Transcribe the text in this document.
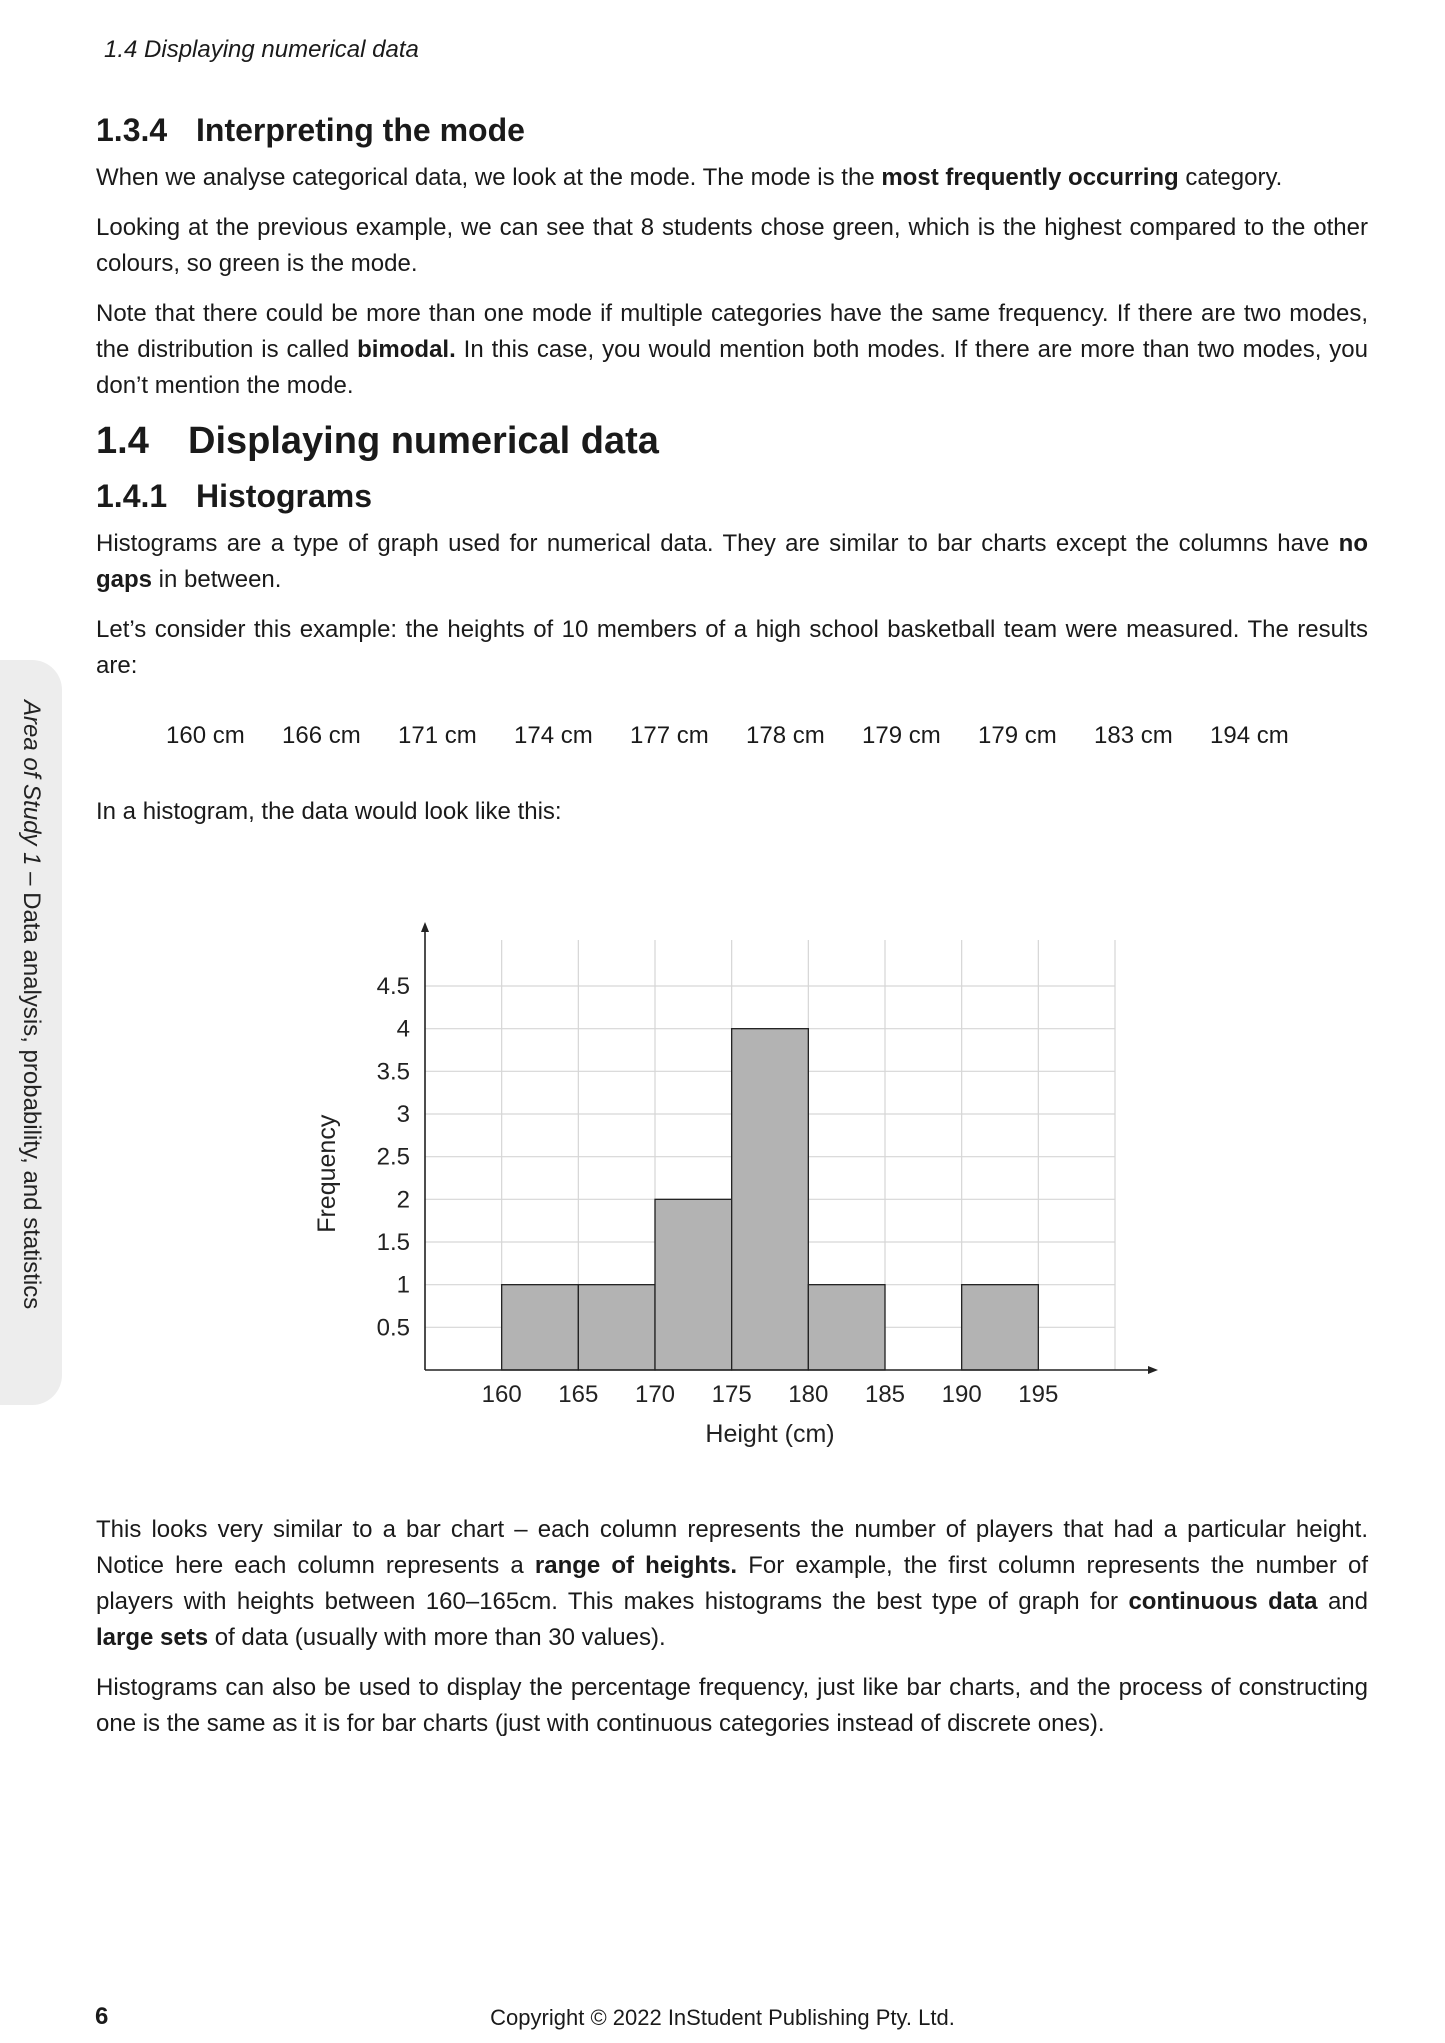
1.4 Displaying numerical data
Area of Study 1 – Data analysis, probability, and statistics
1.3.4 Interpreting the mode

When we analyse categorical data, we look at the mode. The mode is the most frequently occurring category.

Looking at the previous example, we can see that 8 students chose green, which is the highest compared to the other colours, so green is the mode.

Note that there could be more than one mode if multiple categories have the same frequency. If there are two modes, the distribution is called bimodal. In this case, you would mention both modes. If there are more than two modes, you don’t mention the mode.

1.4 Displaying numerical data
1.4.1 Histograms

Histograms are a type of graph used for numerical data. They are similar to bar charts except the columns have no gaps in between.

Let’s consider this example: the heights of 10 members of a high school basketball team were measured. The results are:

160 cm	166 cm	171 cm	174 cm	177 cm	178 cm	179 cm	179 cm	183 cm	194 cm

In a histogram, the data would look like this:

160 165 170 175 180 185 190 195
0.5
1
1.5
2
2.5
3
3.5
4
4.5
Height (cm)
Frequency

This looks very similar to a bar chart – each column represents the number of players that had a particular height. Notice here each column represents a range of heights. For example, the first column represents the number of players with heights between 160–165cm. This makes histograms the best type of graph for continuous data and large sets of data (usually with more than 30 values).

Histograms can also be used to display the percentage frequency, just like bar charts, and the process of constructing one is the same as it is for bar charts (just with continuous categories instead of discrete ones).

6	Copyright © 2022 InStudent Publishing Pty. Ltd.
